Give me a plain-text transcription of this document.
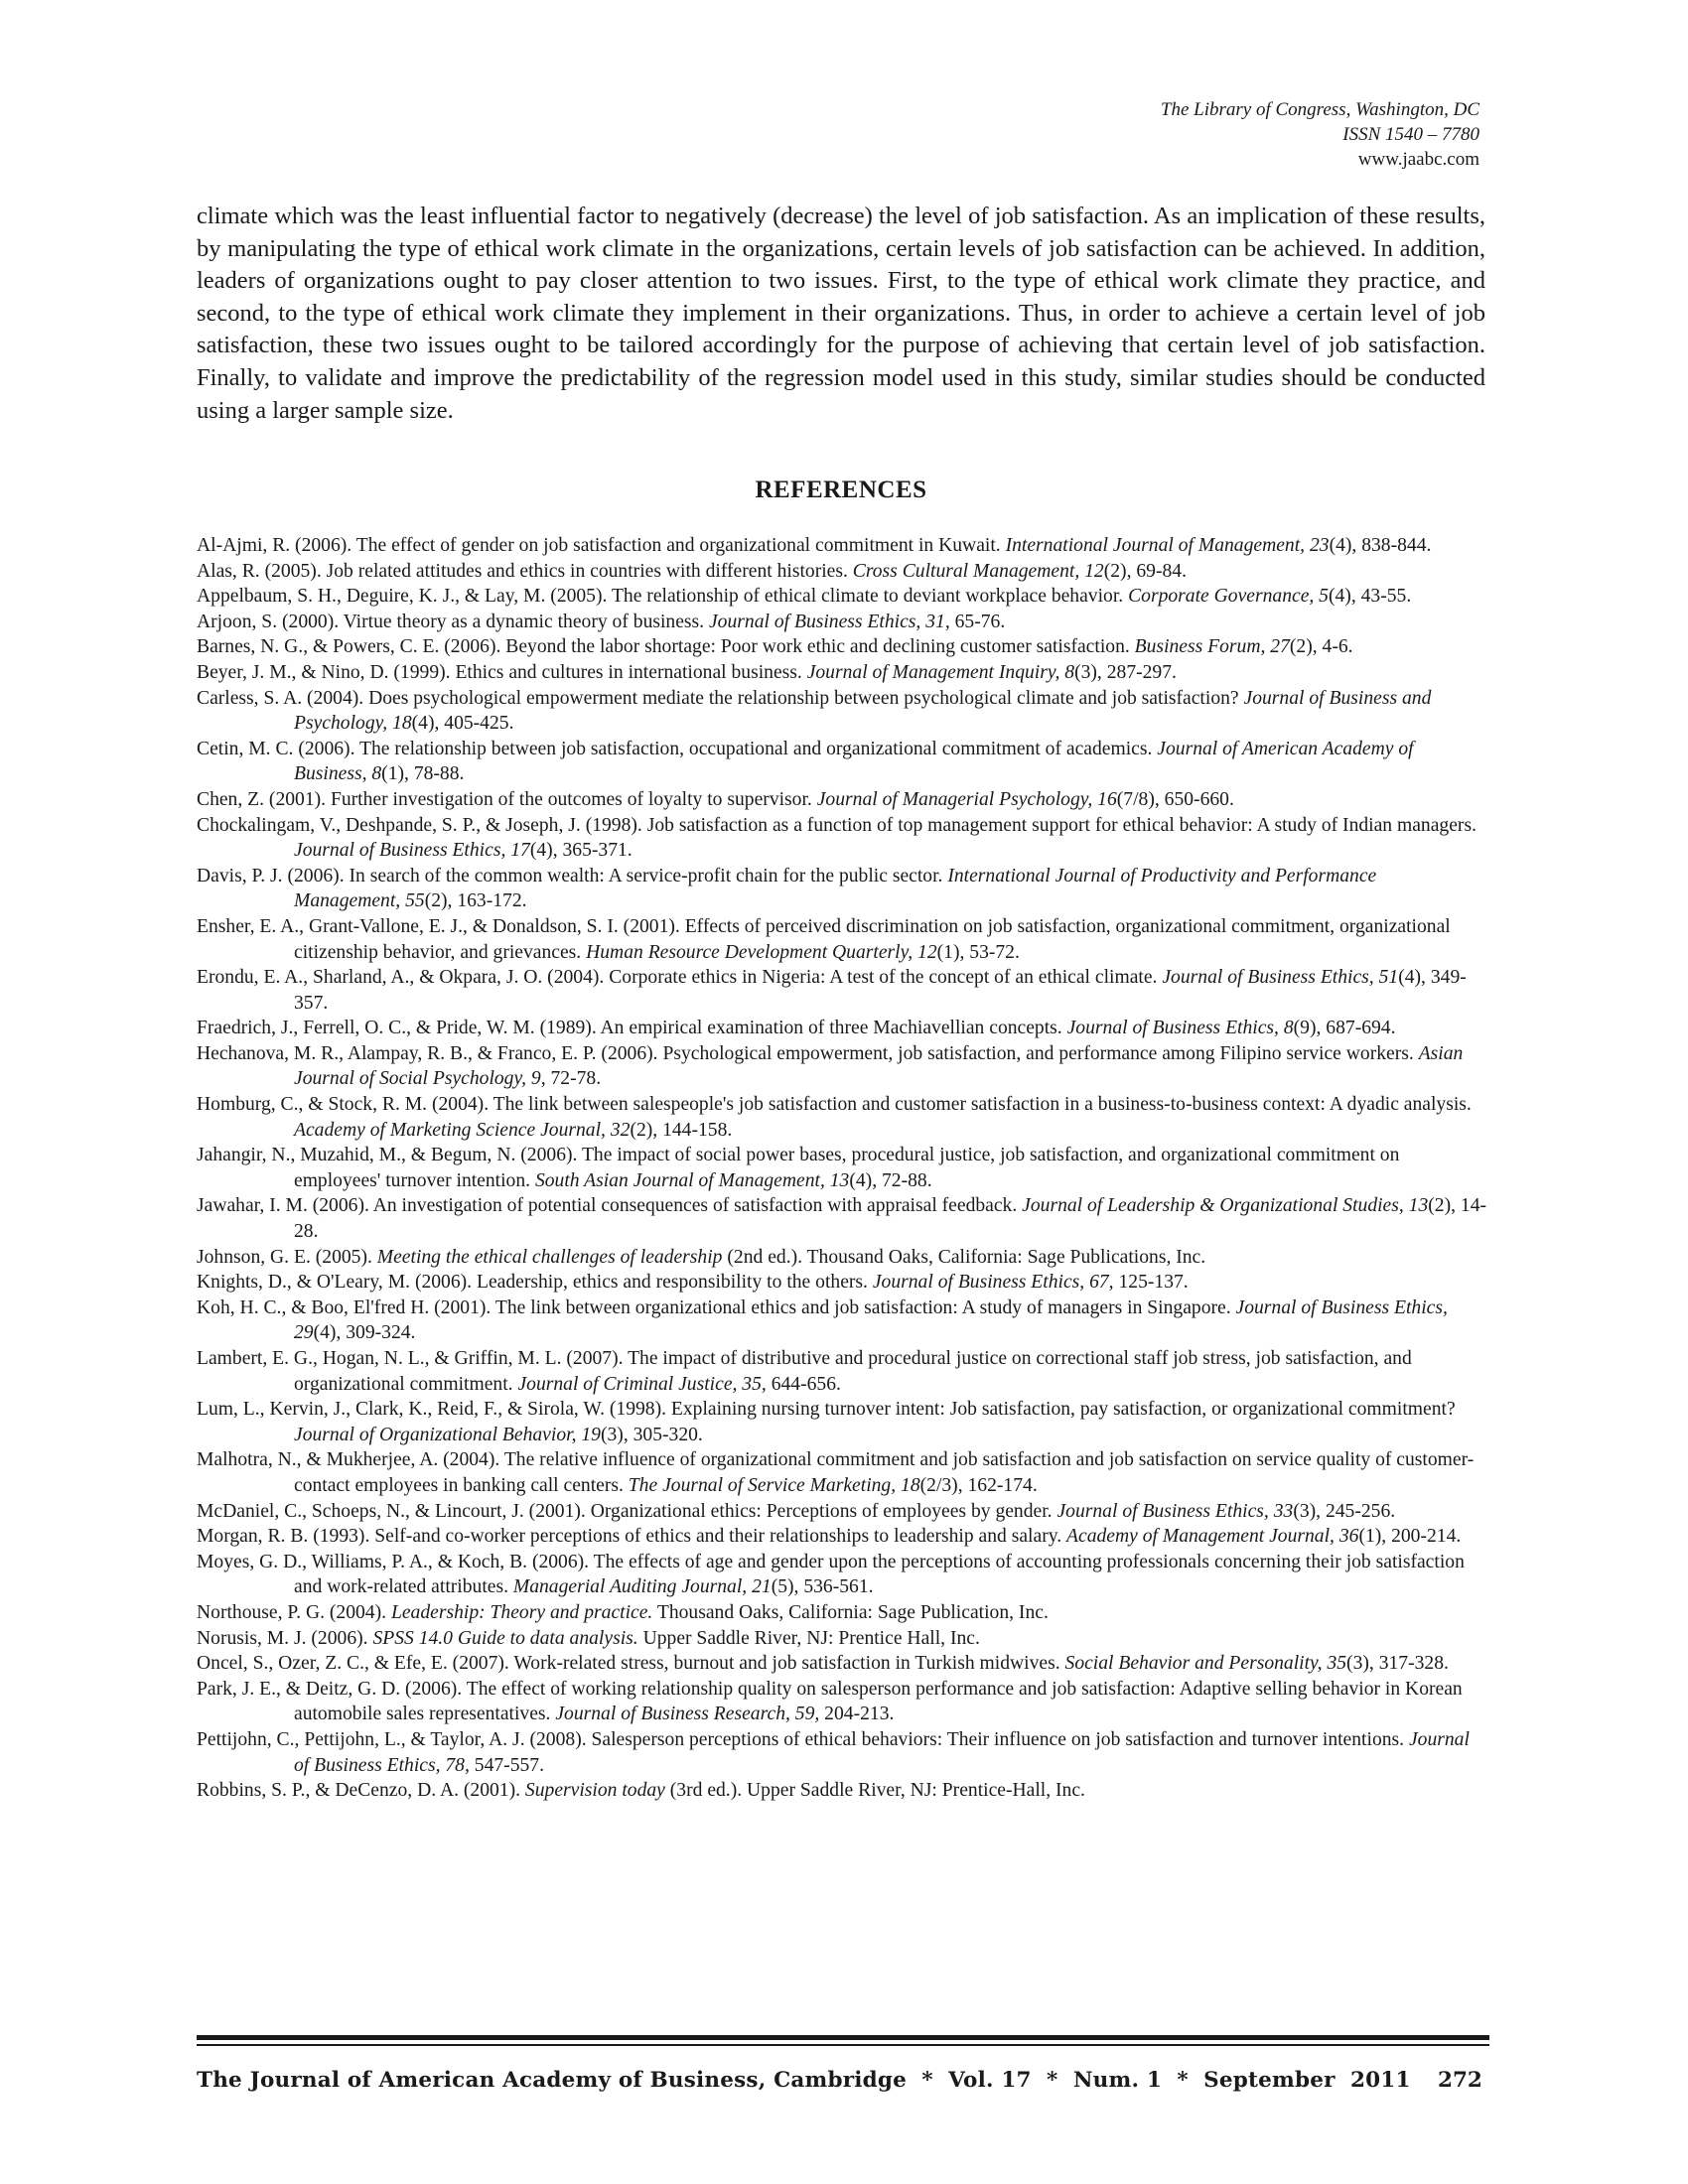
The Library of Congress, Washington, DC
ISSN 1540 – 7780
www.jaabc.com

climate which was the least influential factor to negatively (decrease) the level of job satisfaction. As an implication of these results, by manipulating the type of ethical work climate in the organizations, certain levels of job satisfaction can be achieved. In addition, leaders of organizations ought to pay closer attention to two issues. First, to the type of ethical work climate they practice, and second, to the type of ethical work climate they implement in their organizations. Thus, in order to achieve a certain level of job satisfaction, these two issues ought to be tailored accordingly for the purpose of achieving that certain level of job satisfaction. Finally, to validate and improve the predictability of the regression model used in this study, similar studies should be conducted using a larger sample size.

REFERENCES

Al-Ajmi, R. (2006). The effect of gender on job satisfaction and organizational commitment in Kuwait. International Journal of Management, 23(4), 838-844.

Alas, R. (2005). Job related attitudes and ethics in countries with different histories. Cross Cultural Management, 12(2), 69-84.

Appelbaum, S. H., Deguire, K. J., & Lay, M. (2005). The relationship of ethical climate to deviant workplace behavior. Corporate Governance, 5(4), 43-55.

Arjoon, S. (2000). Virtue theory as a dynamic theory of business. Journal of Business Ethics, 31, 65-76.

Barnes, N. G., & Powers, C. E. (2006). Beyond the labor shortage: Poor work ethic and declining customer satisfaction. Business Forum, 27(2), 4-6.

Beyer, J. M., & Nino, D. (1999). Ethics and cultures in international business. Journal of Management Inquiry, 8(3), 287-297.

Carless, S. A. (2004). Does psychological empowerment mediate the relationship between psychological climate and job satisfaction? Journal of Business and Psychology, 18(4), 405-425.

Cetin, M. C. (2006). The relationship between job satisfaction, occupational and organizational commitment of academics. Journal of American Academy of Business, 8(1), 78-88.

Chen, Z. (2001). Further investigation of the outcomes of loyalty to supervisor. Journal of Managerial Psychology, 16(7/8), 650-660.

Chockalingam, V., Deshpande, S. P., & Joseph, J. (1998). Job satisfaction as a function of top management support for ethical behavior: A study of Indian managers. Journal of Business Ethics, 17(4), 365-371.

Davis, P. J. (2006). In search of the common wealth: A service-profit chain for the public sector. International Journal of Productivity and Performance Management, 55(2), 163-172.

Ensher, E. A., Grant-Vallone, E. J., & Donaldson, S. I. (2001). Effects of perceived discrimination on job satisfaction, organizational commitment, organizational citizenship behavior, and grievances. Human Resource Development Quarterly, 12(1), 53-72.

Erondu, E. A., Sharland, A., & Okpara, J. O. (2004). Corporate ethics in Nigeria: A test of the concept of an ethical climate. Journal of Business Ethics, 51(4), 349-357.

Fraedrich, J., Ferrell, O. C., & Pride, W. M. (1989). An empirical examination of three Machiavellian concepts. Journal of Business Ethics, 8(9), 687-694.

Hechanova, M. R., Alampay, R. B., & Franco, E. P. (2006). Psychological empowerment, job satisfaction, and performance among Filipino service workers. Asian Journal of Social Psychology, 9, 72-78.

Homburg, C., & Stock, R. M. (2004). The link between salespeople's job satisfaction and customer satisfaction in a business-to-business context: A dyadic analysis. Academy of Marketing Science Journal, 32(2), 144-158.

Jahangir, N., Muzahid, M., & Begum, N. (2006). The impact of social power bases, procedural justice, job satisfaction, and organizational commitment on employees' turnover intention. South Asian Journal of Management, 13(4), 72-88.

Jawahar, I. M. (2006). An investigation of potential consequences of satisfaction with appraisal feedback. Journal of Leadership & Organizational Studies, 13(2), 14-28.

Johnson, G. E. (2005). Meeting the ethical challenges of leadership (2nd ed.). Thousand Oaks, California: Sage Publications, Inc.

Knights, D., & O'Leary, M. (2006). Leadership, ethics and responsibility to the others. Journal of Business Ethics, 67, 125-137.

Koh, H. C., & Boo, El'fred H. (2001). The link between organizational ethics and job satisfaction: A study of managers in Singapore. Journal of Business Ethics, 29(4), 309-324.

Lambert, E. G., Hogan, N. L., & Griffin, M. L. (2007). The impact of distributive and procedural justice on correctional staff job stress, job satisfaction, and organizational commitment. Journal of Criminal Justice, 35, 644-656.

Lum, L., Kervin, J., Clark, K., Reid, F., & Sirola, W. (1998). Explaining nursing turnover intent: Job satisfaction, pay satisfaction, or organizational commitment? Journal of Organizational Behavior, 19(3), 305-320.

Malhotra, N., & Mukherjee, A. (2004). The relative influence of organizational commitment and job satisfaction and job satisfaction on service quality of customer-contact employees in banking call centers. The Journal of Service Marketing, 18(2/3), 162-174.

McDaniel, C., Schoeps, N., & Lincourt, J. (2001). Organizational ethics: Perceptions of employees by gender. Journal of Business Ethics, 33(3), 245-256.

Morgan, R. B. (1993). Self-and co-worker perceptions of ethics and their relationships to leadership and salary. Academy of Management Journal, 36(1), 200-214.

Moyes, G. D., Williams, P. A., & Koch, B. (2006). The effects of age and gender upon the perceptions of accounting professionals concerning their job satisfaction and work-related attributes. Managerial Auditing Journal, 21(5), 536-561.

Northouse, P. G. (2004). Leadership: Theory and practice. Thousand Oaks, California: Sage Publication, Inc.

Norusis, M. J. (2006). SPSS 14.0 Guide to data analysis. Upper Saddle River, NJ: Prentice Hall, Inc.

Oncel, S., Ozer, Z. C., & Efe, E. (2007). Work-related stress, burnout and job satisfaction in Turkish midwives. Social Behavior and Personality, 35(3), 317-328.

Park, J. E., & Deitz, G. D. (2006). The effect of working relationship quality on salesperson performance and job satisfaction: Adaptive selling behavior in Korean automobile sales representatives. Journal of Business Research, 59, 204-213.

Pettijohn, C., Pettijohn, L., & Taylor, A. J. (2008). Salesperson perceptions of ethical behaviors: Their influence on job satisfaction and turnover intentions. Journal of Business Ethics, 78, 547-557.

Robbins, S. P., & DeCenzo, D. A. (2001). Supervision today (3rd ed.). Upper Saddle River, NJ: Prentice-Hall, Inc.

The Journal of American Academy of Business, Cambridge  *  Vol. 17  *  Num. 1  *  September  2011 272
